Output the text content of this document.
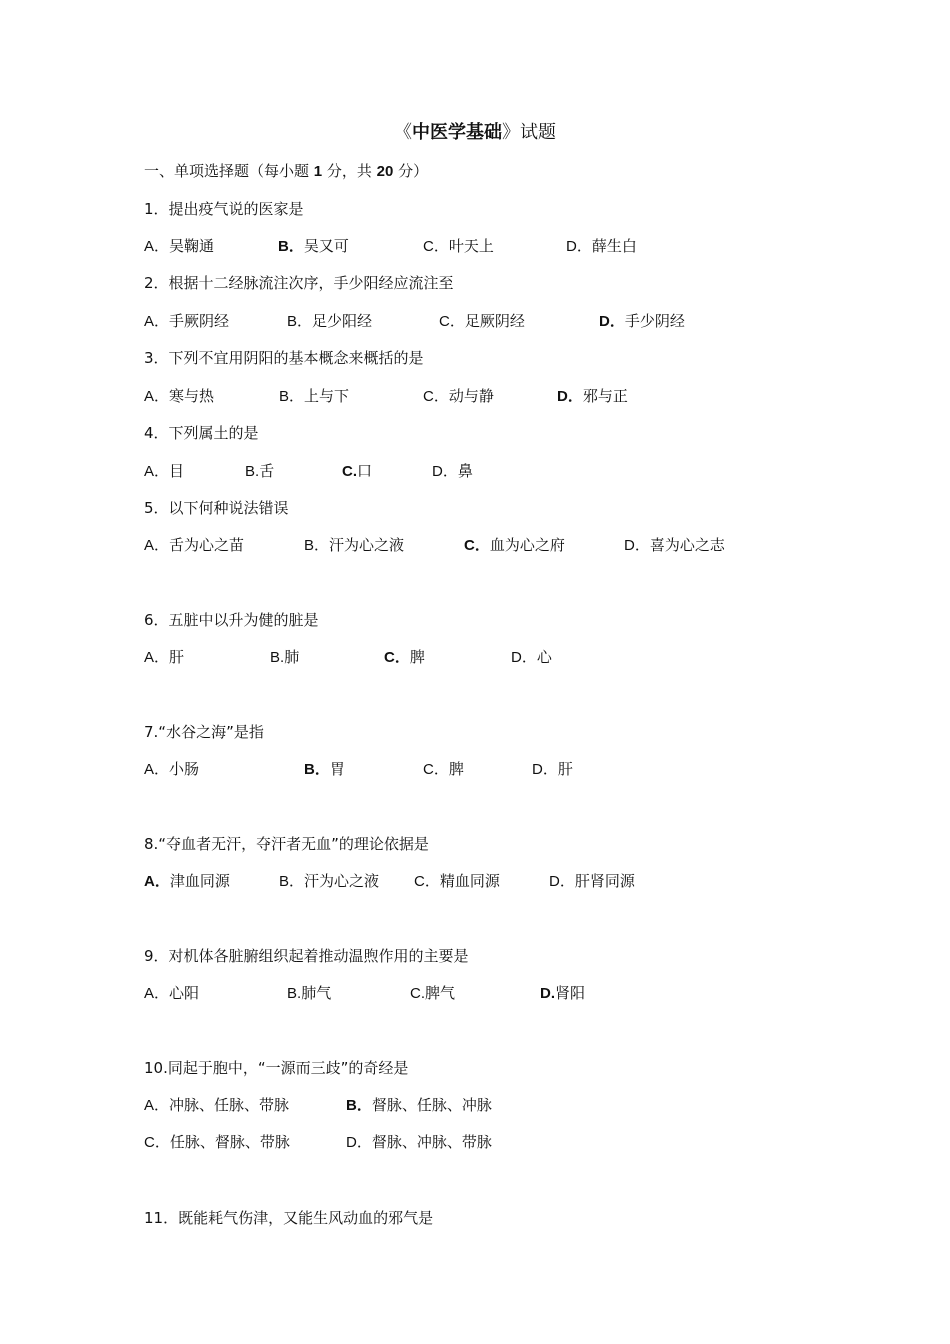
《中医学基础》试题
一、单项选择题（每小题 1 分，共 20 分）
1．提出疫气说的医家是
A．吴鞠通	B．吴又可	C．叶天上	D．薛生白
2．根据十二经脉流注次序，手少阳经应流注至
A．手厥阴经	B．足少阳经	C．足厥阴经	D．手少阴经
3．下列不宜用阴阳的基本概念来概括的是
A．寒与热	B．上与下	C．动与静	D．邪与正
4．下列属土的是
A．目	B.舌	C.口	D．鼻
5．以下何种说法错误
A．舌为心之苗	B．汗为心之液	C．血为心之府	D．喜为心之志
6．五脏中以升为健的脏是
A．肝	B.肺	C．脾	D．心
7.“水谷之海”是指
A．小肠	B．胃	C．脾	D．肝
8.“夺血者无汗，夺汗者无血”的理论依据是
A．津血同源	B．汗为心之液 C．精血同源	D．肝肾同源
9．对机体各脏腑组织起着推动温煦作用的主要是
A．心阳	B.肺气	C.脾气	D.肾阳
10.同起于胞中，“一源而三歧”的奇经是
A．冲脉、任脉、带脉	B．督脉、任脉、冲脉
C．任脉、督脉、带脉	D．督脉、冲脉、带脉
11．既能耗气伤津，又能生风动血的邪气是
